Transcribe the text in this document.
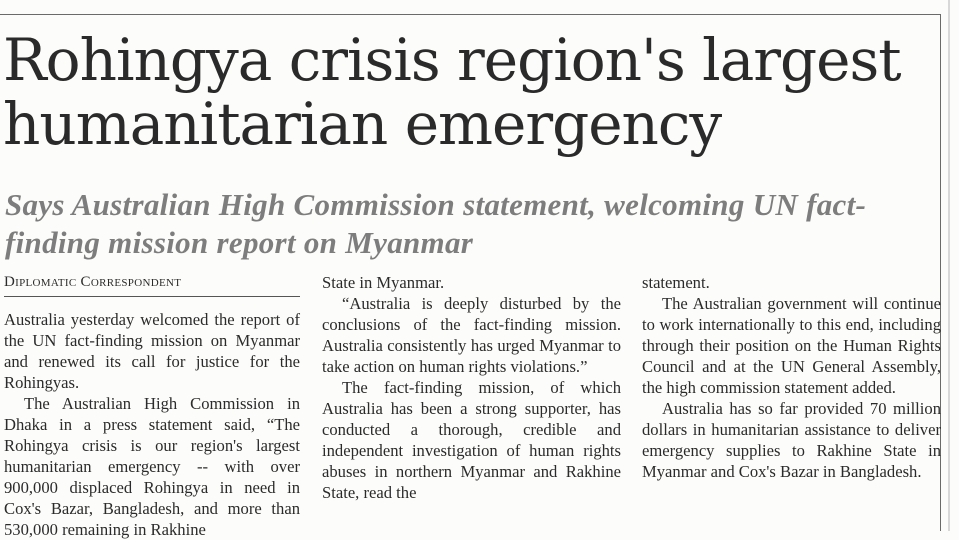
Rohingya crisis region's largest humanitarian emergency
Says Australian High Commission statement, welcoming UN fact-finding mission report on Myanmar
Diplomatic Correspondent

Australia yesterday welcomed the report of the UN fact-finding mission on Myanmar and renewed its call for justice for the Rohingyas.

The Australian High Commission in Dhaka in a press statement said, “The Rohingya crisis is our region's largest humanitarian emergency -- with over 900,000 displaced Rohingya in need in Cox's Bazar, Bangladesh, and more than 530,000 remaining in Rakhine

State in Myanmar.

“Australia is deeply disturbed by the conclusions of the fact-finding mission. Australia consistently has urged Myanmar to take action on human rights violations.”

The fact-finding mission, of which Australia has been a strong supporter, has conducted a thorough, credible and independent investigation of human rights abuses in northern Myanmar and Rakhine State, read the

statement.

The Australian government will continue to work internationally to this end, including through their position on the Human Rights Council and at the UN General Assembly, the high commission statement added.

Australia has so far provided 70 million dollars in humanitarian assistance to deliver emergency supplies to Rakhine State in Myanmar and Cox's Bazar in Bangladesh.
